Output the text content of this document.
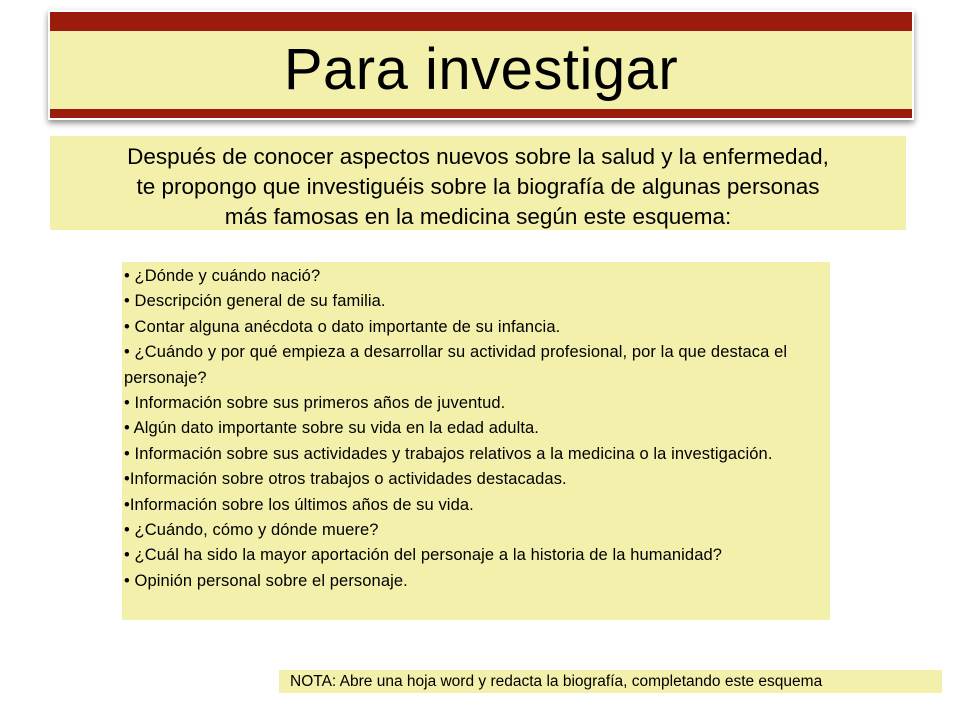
Para investigar
Después de conocer aspectos nuevos sobre la salud y la enfermedad,
te propongo que investiguéis sobre la biografía de algunas personas
más famosas en la medicina según este esquema:
• ¿Dónde y cuándo nació?
• Descripción general de su familia.
• Contar alguna anécdota o dato importante de su infancia.
• ¿Cuándo y por qué empieza a desarrollar su actividad profesional, por la que destaca el personaje?
• Información sobre sus primeros años de juventud.
• Algún dato importante sobre su vida en la edad adulta.
• Información sobre sus actividades y trabajos relativos a la medicina o la investigación.
•Información sobre otros trabajos o actividades destacadas.
•Información sobre los últimos años de su vida.
• ¿Cuándo, cómo y dónde muere?
• ¿Cuál ha sido la mayor aportación del personaje a la historia de la humanidad?
• Opinión personal sobre el personaje.
NOTA: Abre una hoja word y redacta la biografía, completando este esquema
